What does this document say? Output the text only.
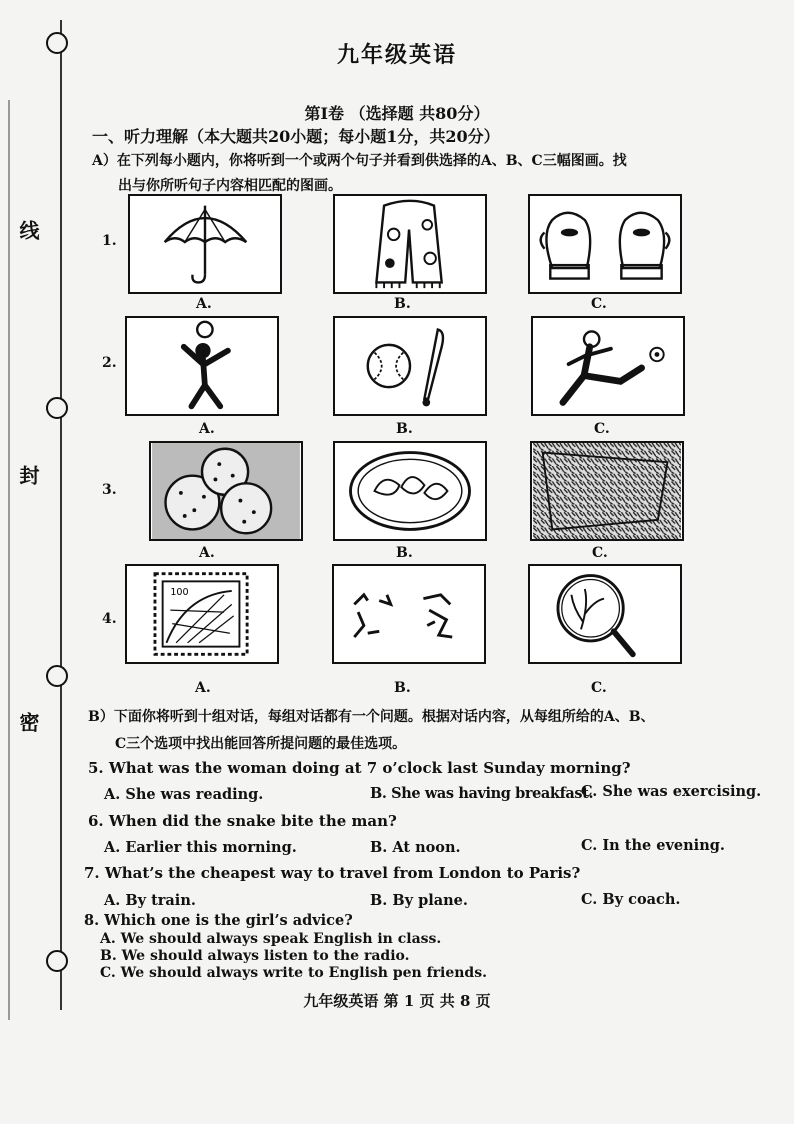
线
封
密
九年级英语
第Ⅰ卷 （选择题 共80分）
一、听力理解（本大题共20小题；每小题1分，共20分）
A）在下列每小题内，你将听到一个或两个句子并看到供选择的A、B、C三幅图画。找
出与你所听句子内容相匹配的图画。
1.
A.	B.	C.
2.
A.	B.	C.
3.
A.	B.	C.
4.
100
A.	B.	C.
B）下面你将听到十组对话，每组对话都有一个问题。根据对话内容，从每组所给的A、B、
C三个选项中找出能回答所提问题的最佳选项。
5. What was the woman doing at 7 o’clock last Sunday morning?
A. She was reading.	B. She was having breakfast.
C. She was exercising.
6. When did the snake bite the man?
A. Earlier this morning.	B. At noon.	C. In the evening.
7. What’s the cheapest way to travel from London to Paris?
A. By train.	B. By plane.	C. By coach.
8. Which one is the girl’s advice?
A. We should always speak English in class.
B. We should always listen to the radio.
C. We should always write to English pen friends.
九年级英语 第 1 页 共 8 页
